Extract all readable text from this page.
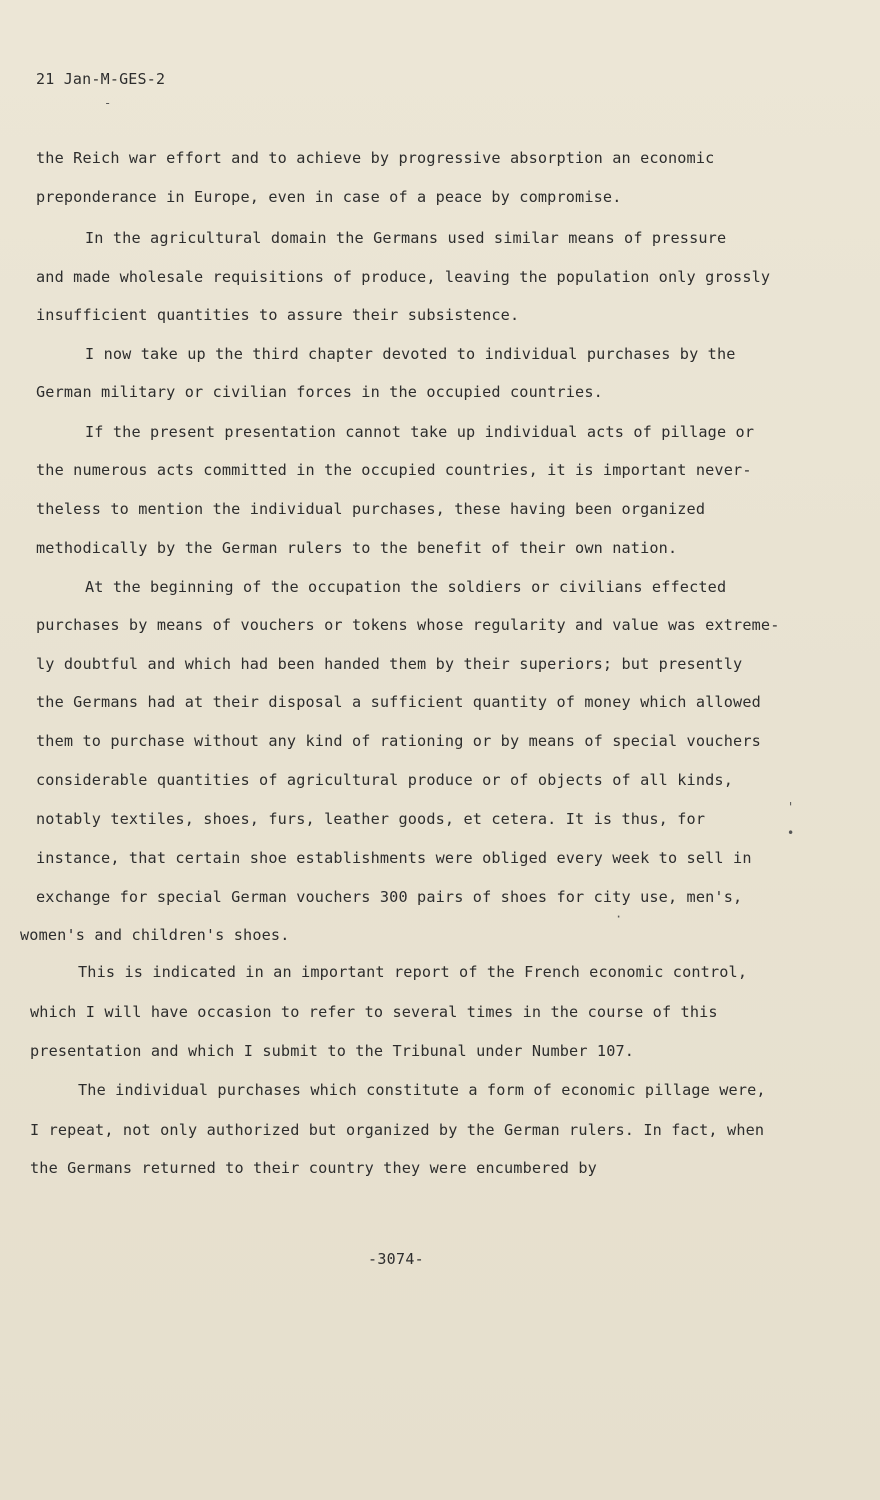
21 Jan-M-GES-2
-
the Reich war effort and to achieve by progressive absorption an economic
preponderance in Europe, even in case of a peace by compromise.
In the agricultural domain the Germans used similar means of pressure
and made wholesale requisitions of produce, leaving the population only grossly
insufficient quantities to assure their subsistence.
I now take up the third chapter devoted to individual purchases by the
German military or civilian forces in the occupied countries.
If the present presentation cannot take up individual acts of pillage or
the numerous acts committed in the occupied countries, it is important never-
theless to mention the individual purchases, these having been organized
methodically by the German rulers to the benefit of their own nation.
At the beginning of the occupation the soldiers or civilians effected
purchases by means of vouchers or tokens whose regularity and value was extreme-
ly doubtful and which had been handed them by their superiors; but presently
the Germans had at their disposal a sufficient quantity of money which allowed
them to purchase without any kind of rationing or by means of special vouchers
considerable quantities of agricultural produce or of objects of all kinds,
notably textiles, shoes, furs, leather goods, et cetera. It is thus, for
instance, that certain shoe establishments were obliged every week to sell in
exchange for special German vouchers 300 pairs of shoes for city use, men's,
women's and children's shoes.
This is indicated in an important report of the French economic control,
which I will have occasion to refer to several times in the course of this
presentation and which I submit to the Tribunal under Number 107.
The individual purchases which constitute a form of economic pillage were,
I repeat, not only authorized but organized by the German rulers. In fact, when
the Germans returned to their country they were encumbered by
'
•
·
-3074-
